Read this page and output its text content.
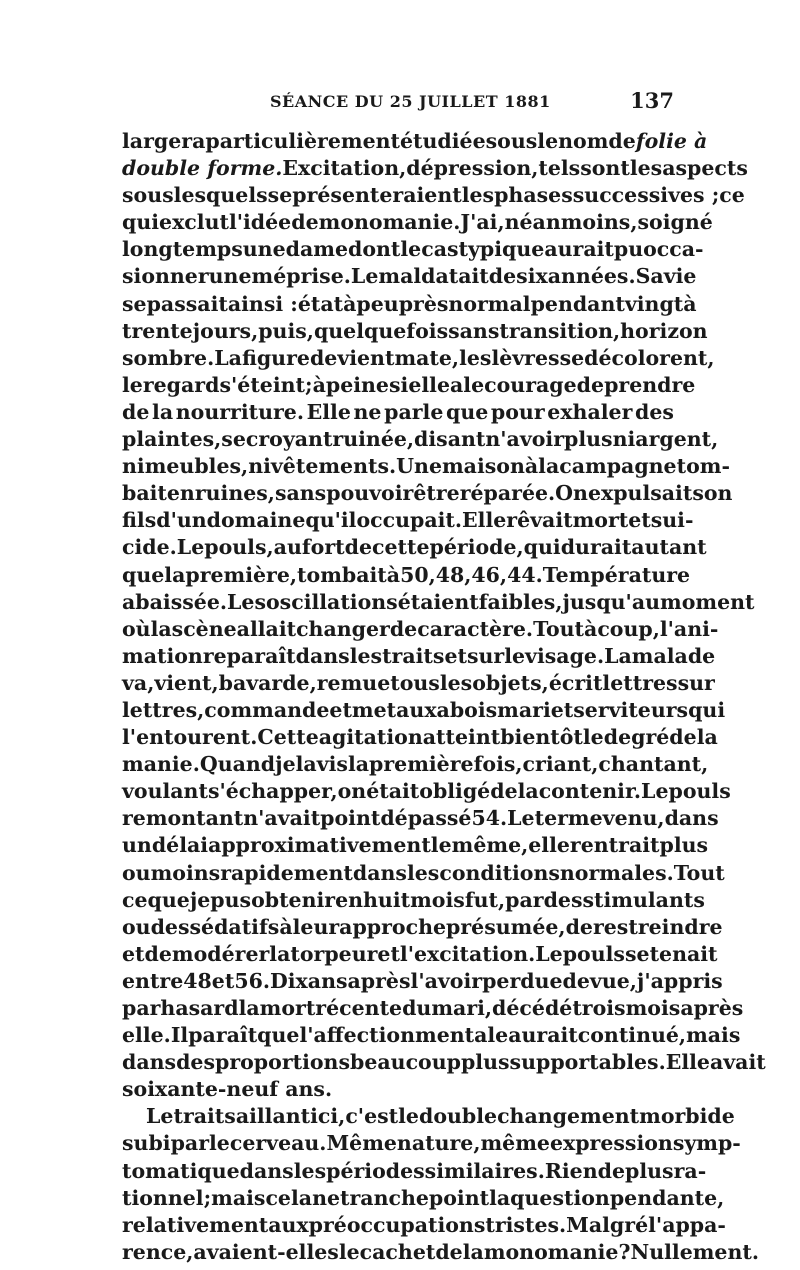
SÉANCE DU 25 JUILLET 1881	137
larger a particulièrement étudiée sous le nom de folie à
double forme. Excitation, dépression, tels sont les aspects
sous lesquels se présenteraient les phases successives ; ce
qui exclut l'idée de monomanie. J'ai, néanmoins, soigné
longtemps une dame dont le cas typique aurait pu occa-
sionner une méprise. Le mal datait de six années. Sa vie
se passait ainsi : état à peu près normal pendant vingt à
trente jours, puis, quelquefois sans transition, horizon
sombre. La figure devient mate, les lèvres se décolorent,
le regard s'éteint; à peine si elle a le courage de prendre
de la nourriture. Elle ne parle que pour exhaler des
plaintes, se croyant ruinée, disant n'avoir plus ni argent,
ni meubles, ni vêtements. Une maison à la campagne tom-
bait en ruines, sans pouvoir être réparée. On expulsait son
fils d'un domaine qu'il occupait. Elle rêvait mort et sui-
cide. Le pouls, au fort de cette période, qui durait autant
que la première, tombait à 50, 48, 46, 44. Température
abaissée. Les oscillations étaient faibles, jusqu'au moment
où la scène allait changer de caractère. Tout à coup, l'ani-
mation reparaît dans les traits et sur le visage. La malade
va, vient, bavarde, remue tous les objets, écrit lettres sur
lettres, commande et met aux abois mari et serviteurs qui
l'entourent. Cette agitation atteint bientôt le degré de la
manie. Quand je la vis la première fois, criant, chantant,
voulant s'échapper, on était obligé de la contenir. Le pouls
remontant n'avait point dépassé 54. Le terme venu, dans
un délai approximativement le même, elle rentrait plus
ou moins rapidement dans les conditions normales. Tout
ce que je pus obtenir en huit mois fut, par des stimulants
ou des sédatifs à leur approche présumée, de restreindre
et de modérer la torpeur et l'excitation. Le pouls se tenait
entre 48 et 56. Dix ans après l'avoir perdue de vue, j'appris
par hasard la mort récente du mari, décédé trois mois après
elle. Il paraît que l'affection mentale aurait continué, mais
dans des proportions beaucoup plus supportables. Elle avait
soixante-neuf ans.
Le trait saillant ici, c'est le double changement morbide
subi par le cerveau. Même nature, même expression symp-
tomatique dans les périodes similaires. Rien de plus ra-
tionnel; mais cela ne tranche point la question pendante,
relativement aux préoccupations tristes. Malgré l'appa-
rence, avaient-elles le cachet de la monomanie? Nullement.
